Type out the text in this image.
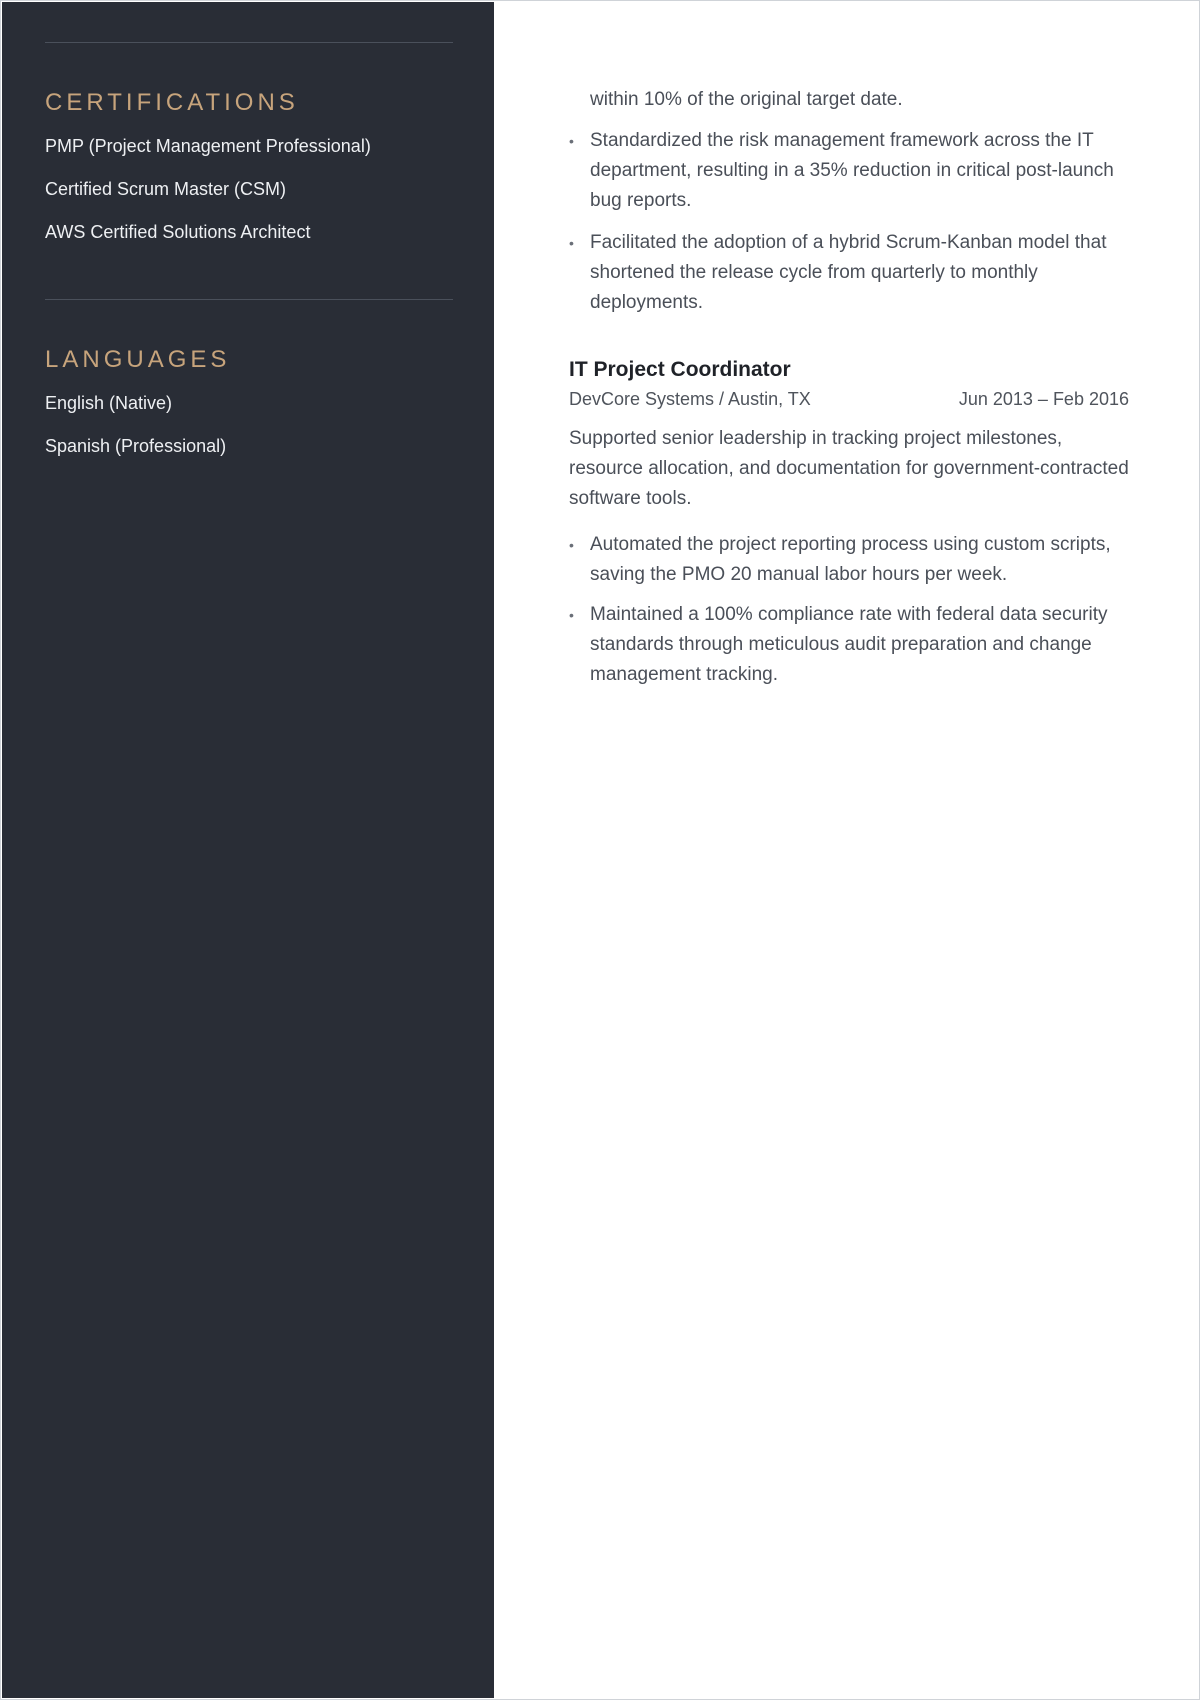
CERTIFICATIONS
PMP (Project Management Professional)
Certified Scrum Master (CSM)
AWS Certified Solutions Architect
LANGUAGES
English (Native)
Spanish (Professional)

within 10% of the original target date.

• Standardized the risk management framework across the IT department, resulting in a 35% reduction in critical post-launch bug reports.
• Facilitated the adoption of a hybrid Scrum-Kanban model that shortened the release cycle from quarterly to monthly deployments.
IT Project Coordinator
DevCore Systems / Austin, TX	Jun 2013 – Feb 2016

Supported senior leadership in tracking project milestones, resource allocation, and documentation for government-contracted software tools.

• Automated the project reporting process using custom scripts, saving the PMO 20 manual labor hours per week.
• Maintained a 100% compliance rate with federal data security standards through meticulous audit preparation and change management tracking.
